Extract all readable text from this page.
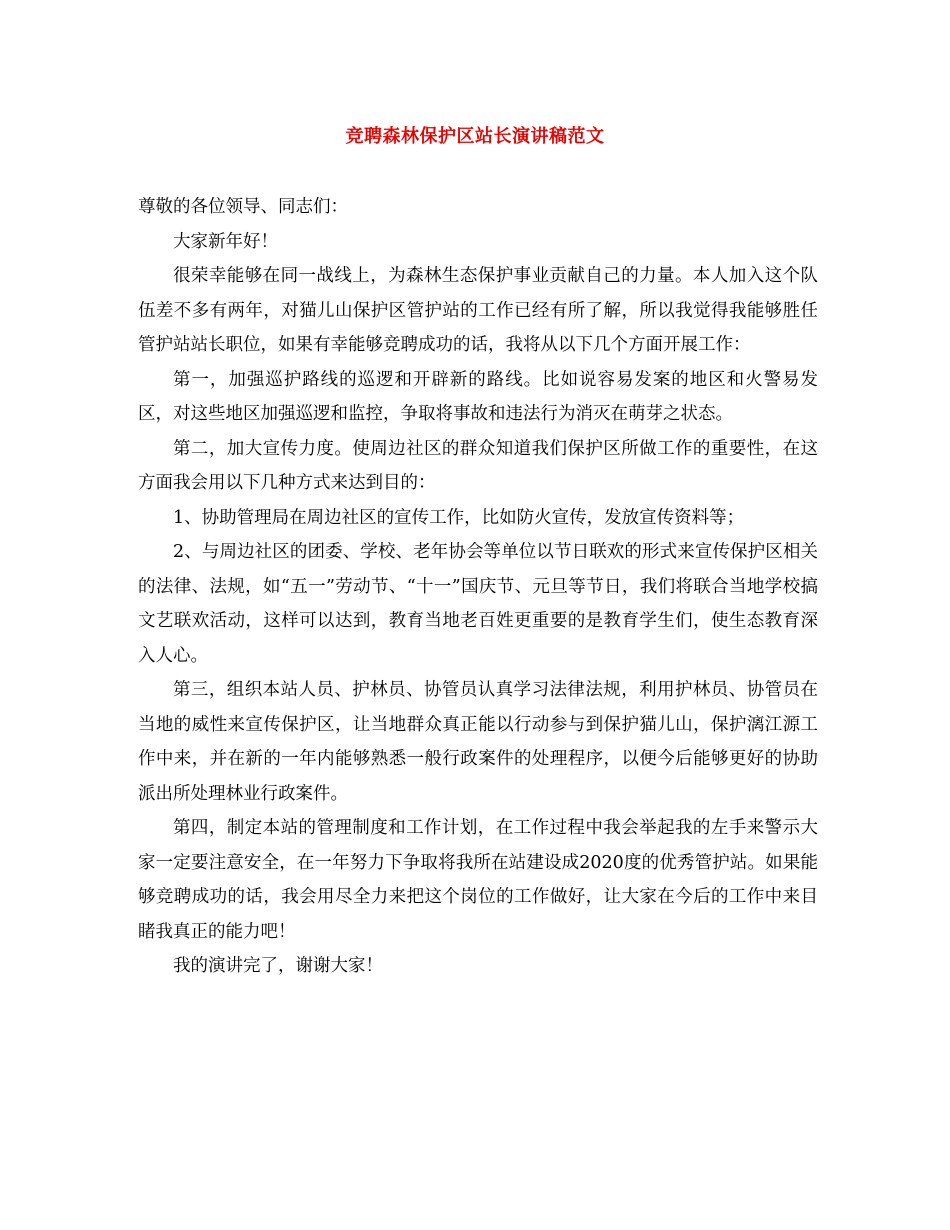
竞聘森林保护区站长演讲稿范文

尊敬的各位领导、同志们：

大家新年好！

很荣幸能够在同一战线上，为森林生态保护事业贡献自己的力量。本人加入这个队伍差不多有两年，对猫儿山保护区管护站的工作已经有所了解，所以我觉得我能够胜任管护站站长职位，如果有幸能够竞聘成功的话，我将从以下几个方面开展工作：

第一，加强巡护路线的巡逻和开辟新的路线。比如说容易发案的地区和火警易发区，对这些地区加强巡逻和监控，争取将事故和违法行为消灭在萌芽之状态。

第二，加大宣传力度。使周边社区的群众知道我们保护区所做工作的重要性，在这方面我会用以下几种方式来达到目的：

1、协助管理局在周边社区的宣传工作，比如防火宣传，发放宣传资料等；

2、与周边社区的团委、学校、老年协会等单位以节日联欢的形式来宣传保护区相关的法律、法规，如“五一”劳动节、“十一”国庆节、元旦等节日，我们将联合当地学校搞文艺联欢活动，这样可以达到，教育当地老百姓更重要的是教育学生们，使生态教育深入人心。

第三，组织本站人员、护林员、协管员认真学习法律法规，利用护林员、协管员在当地的威性来宣传保护区，让当地群众真正能以行动参与到保护猫儿山，保护漓江源工作中来，并在新的一年内能够熟悉一般行政案件的处理程序，以便今后能够更好的协助派出所处理林业行政案件。

第四，制定本站的管理制度和工作计划，在工作过程中我会举起我的左手来警示大家一定要注意安全，在一年努力下争取将我所在站建设成2020度的优秀管护站。如果能够竞聘成功的话，我会用尽全力来把这个岗位的工作做好，让大家在今后的工作中来目睹我真正的能力吧！

我的演讲完了，谢谢大家！
